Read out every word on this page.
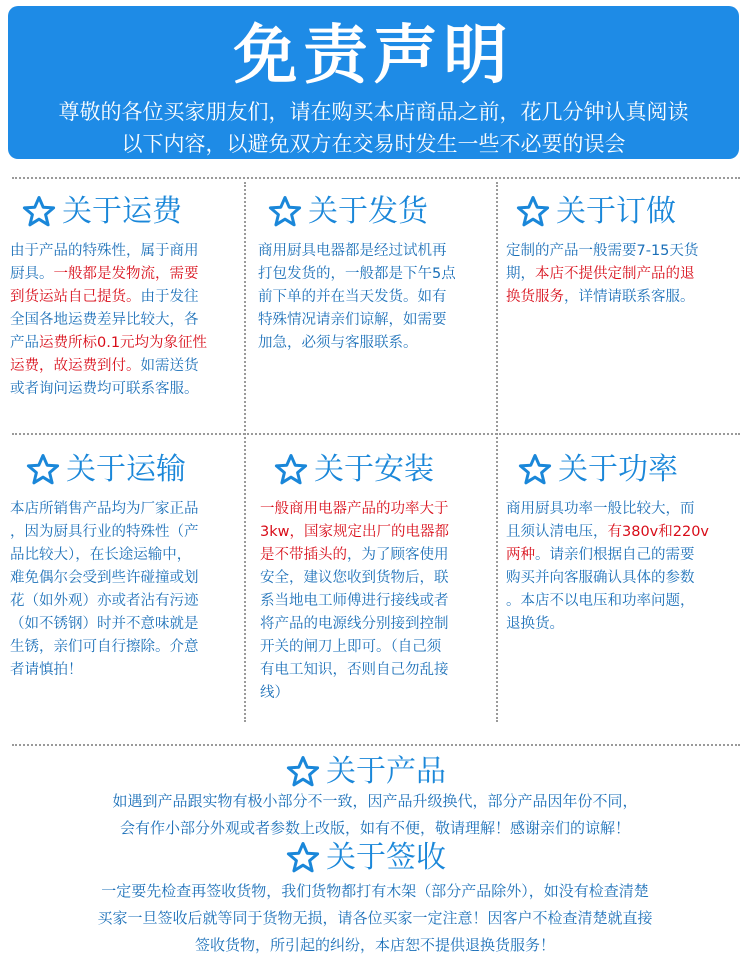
免责声明
尊敬的各位买家朋友们，请在购买本店商品之前，花几分钟认真阅读
以下内容，以避免双方在交易时发生一些不必要的误会
关于运费
由于产品的特殊性，属于商用
厨具。一般都是发物流，需要
到货运站自己提货。由于发往
全国各地运费差异比较大，各
产品运费所标0.1元均为象征性
运费，故运费到付。如需送货
或者询问运费均可联系客服。
关于发货
商用厨具电器都是经过试机再
打包发货的，一般都是下午5点
前下单的并在当天发货。如有
特殊情况请亲们谅解，如需要
加急，必须与客服联系。
关于订做
定制的产品一般需要7-15天货
期，本店不提供定制产品的退
换货服务，详情请联系客服。
关于运输
本店所销售产品均为厂家正品
，因为厨具行业的特殊性（产
品比较大），在长途运输中，
难免偶尔会受到些许碰撞或划
花（如外观）亦或者沾有污迹
（如不锈钢）时并不意味就是
生锈，亲们可自行擦除。介意
者请慎拍！
关于安装
一般商用电器产品的功率大于
3kw，国家规定出厂的电器都
是不带插头的，为了顾客使用
安全，建议您收到货物后，联
系当地电工师傅进行接线或者
将产品的电源线分别接到控制
开关的闸刀上即可。（自己须
有电工知识，否则自己勿乱接
线）
关于功率
商用厨具功率一般比较大，而
且须认清电压，有380v和220v
两种。请亲们根据自己的需要
购买并向客服确认具体的参数
。本店不以电压和功率问题，
退换货。
关于产品
如遇到产品跟实物有极小部分不一致，因产品升级换代，部分产品因年份不同，
会有作小部分外观或者参数上改版，如有不便，敬请理解！感谢亲们的谅解！
关于签收
一定要先检查再签收货物，我们货物都打有木架（部分产品除外），如没有检查清楚
买家一旦签收后就等同于货物无损，请各位买家一定注意！因客户不检查清楚就直接
签收货物，所引起的纠纷，本店恕不提供退换货服务！
